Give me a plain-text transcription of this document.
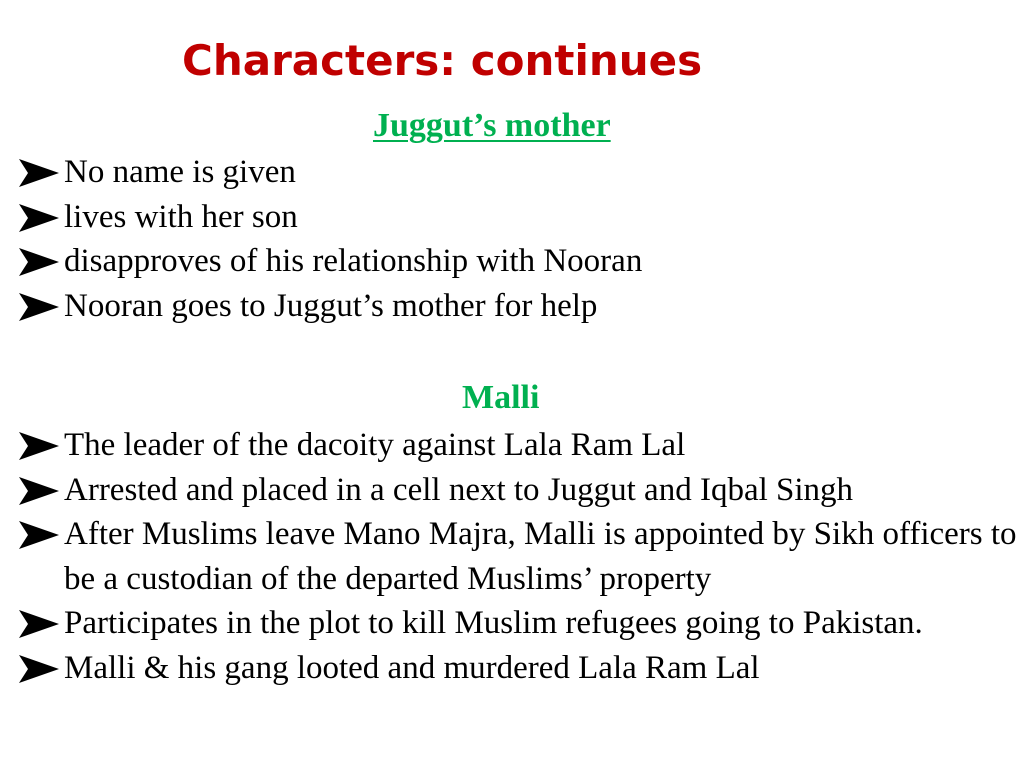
Characters: continues
Juggut’s mother
No name is given
lives with her son
disapproves of his relationship with Nooran
Nooran goes to Juggut’s mother for help
Malli
The leader of the dacoity against Lala Ram Lal
Arrested and placed in a cell next to Juggut and Iqbal Singh
After Muslims leave Mano Majra, Malli is appointed by Sikh officers to be a custodian of the departed Muslims’ property
Participates in the plot to kill Muslim refugees going to Pakistan.
Malli & his gang looted and murdered Lala Ram Lal
